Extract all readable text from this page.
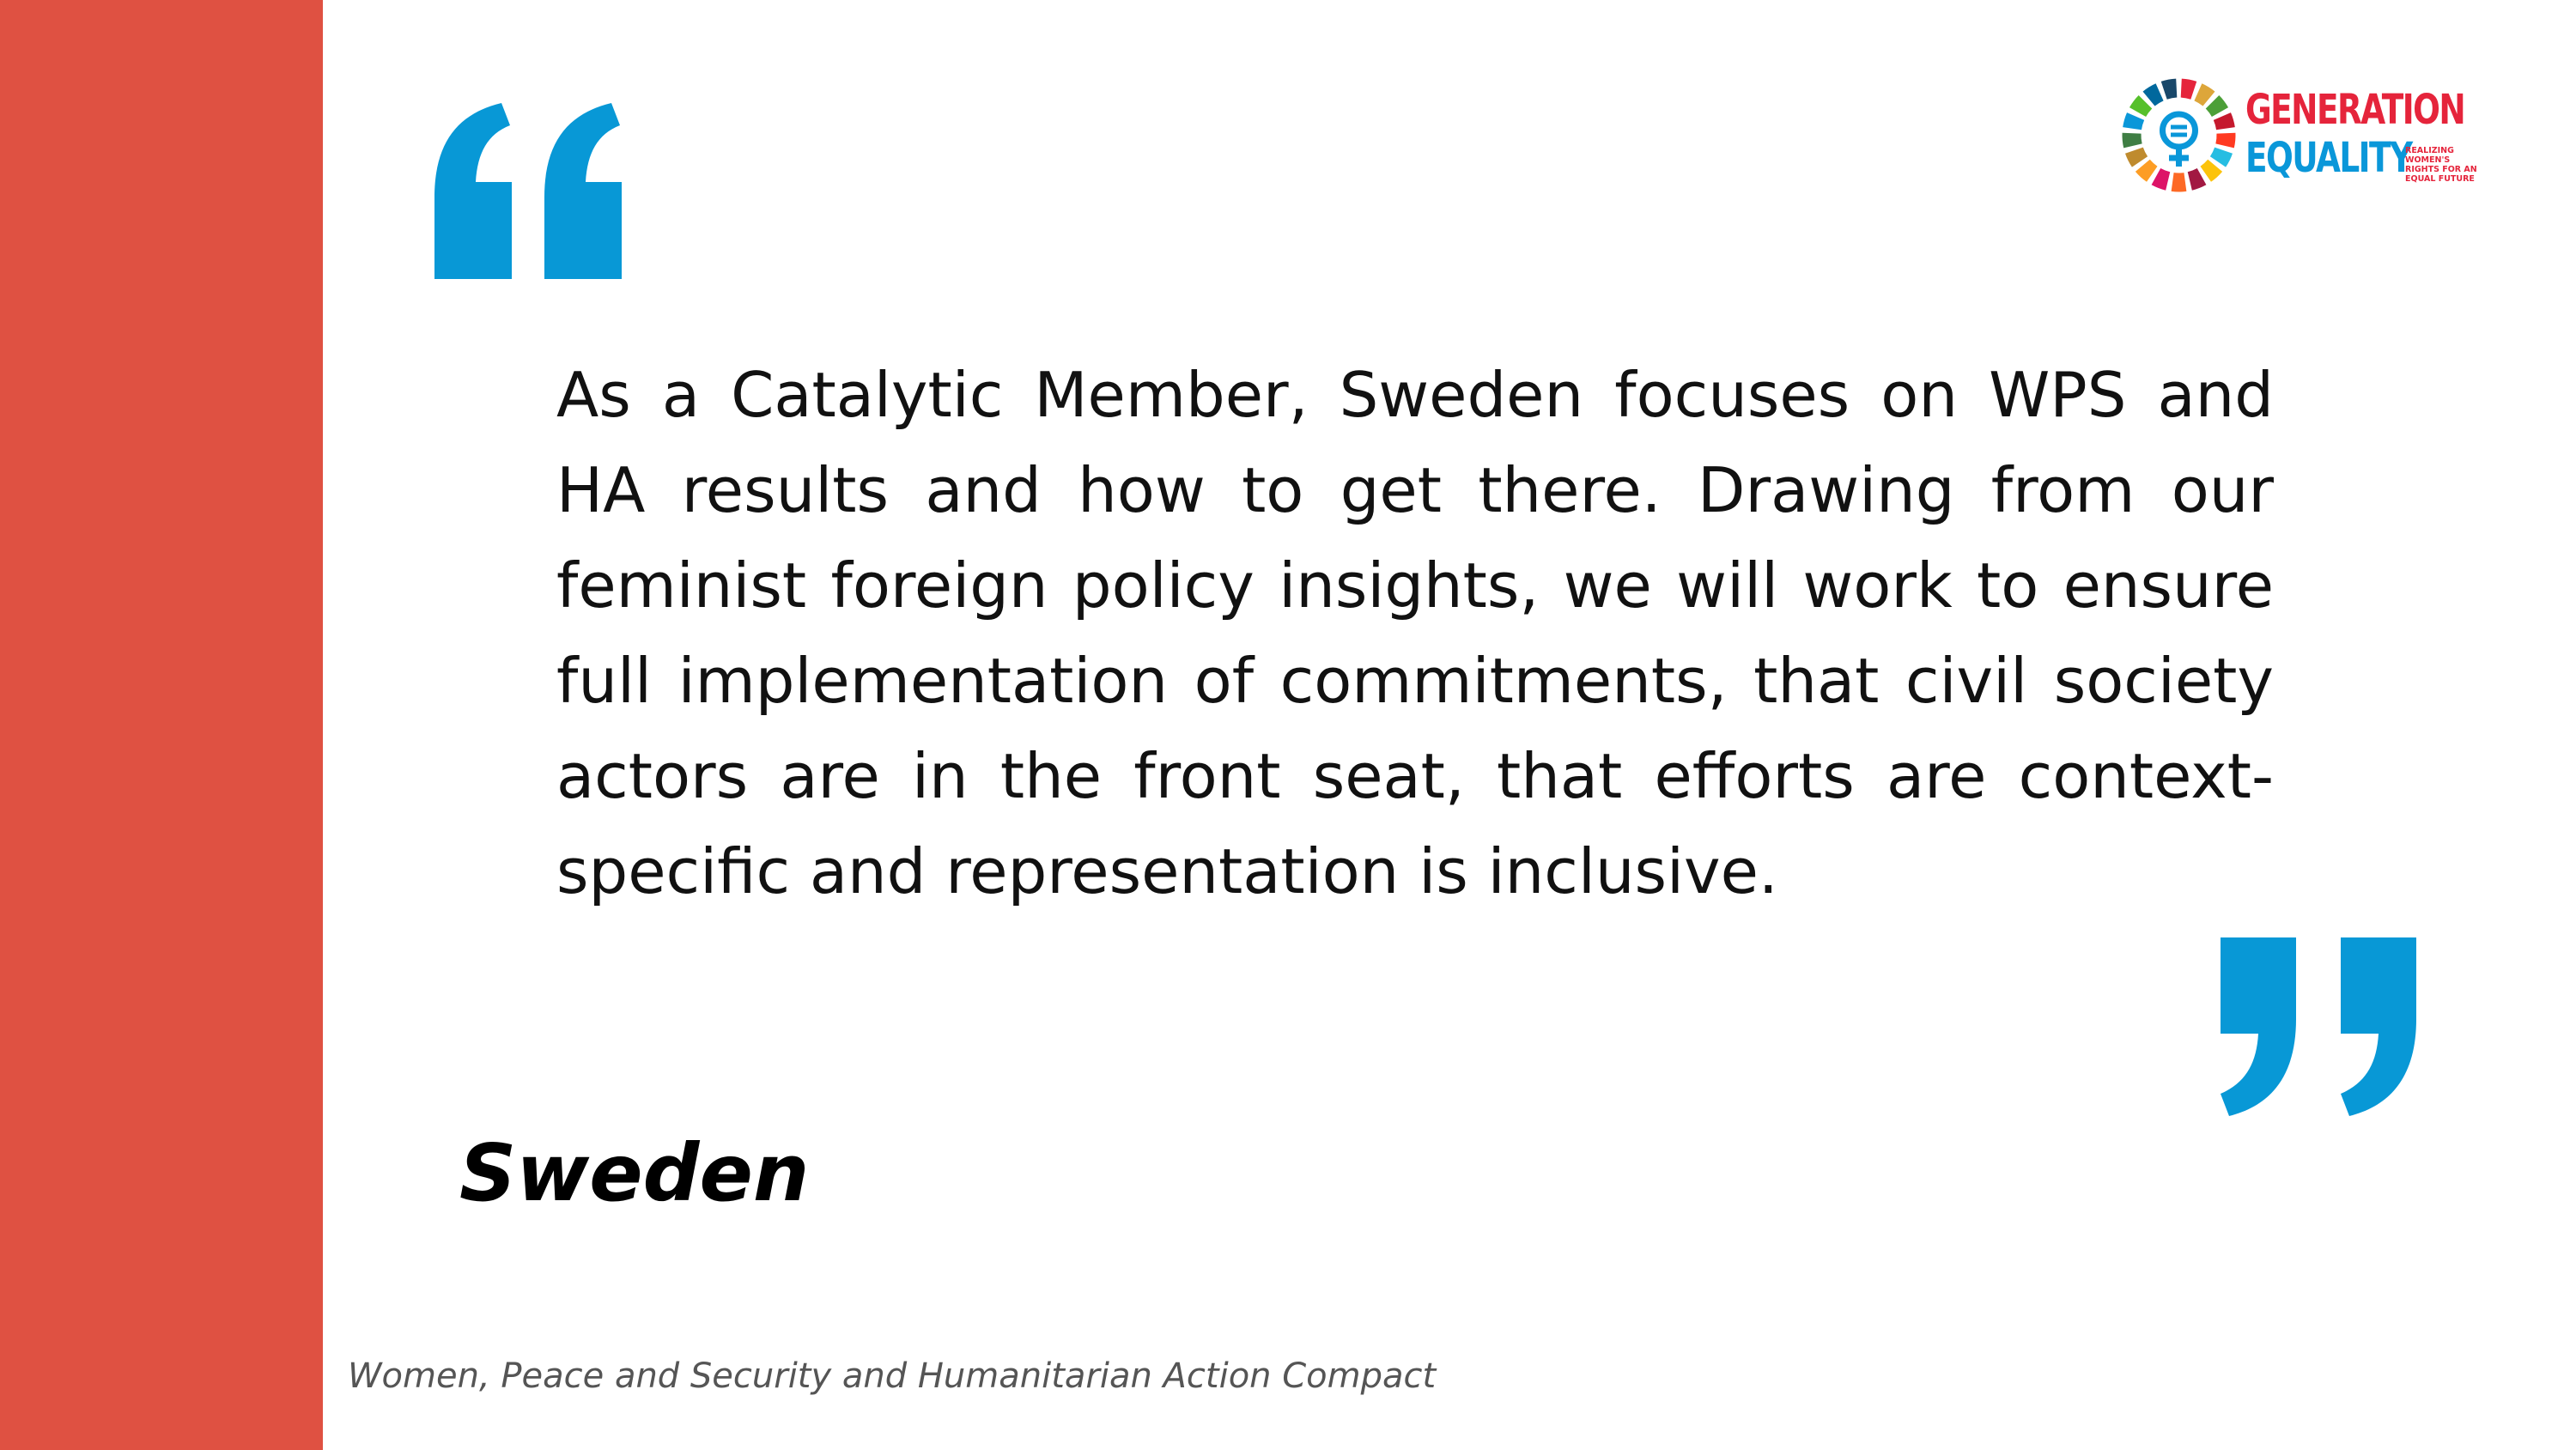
GENERATION
EQUALITY
REALIZING WOMEN'S RIGHTS FOR AN EQUAL FUTURE

As a Catalytic Member, Sweden focuses on WPS and HA results and how to get there. Drawing from our feminist foreign policy insights, we will work to ensure full implementation of commitments, that civil society actors are in the front seat, that efforts are context-specific and representation is inclusive.

Sweden

Women, Peace and Security and Humanitarian Action Compact
